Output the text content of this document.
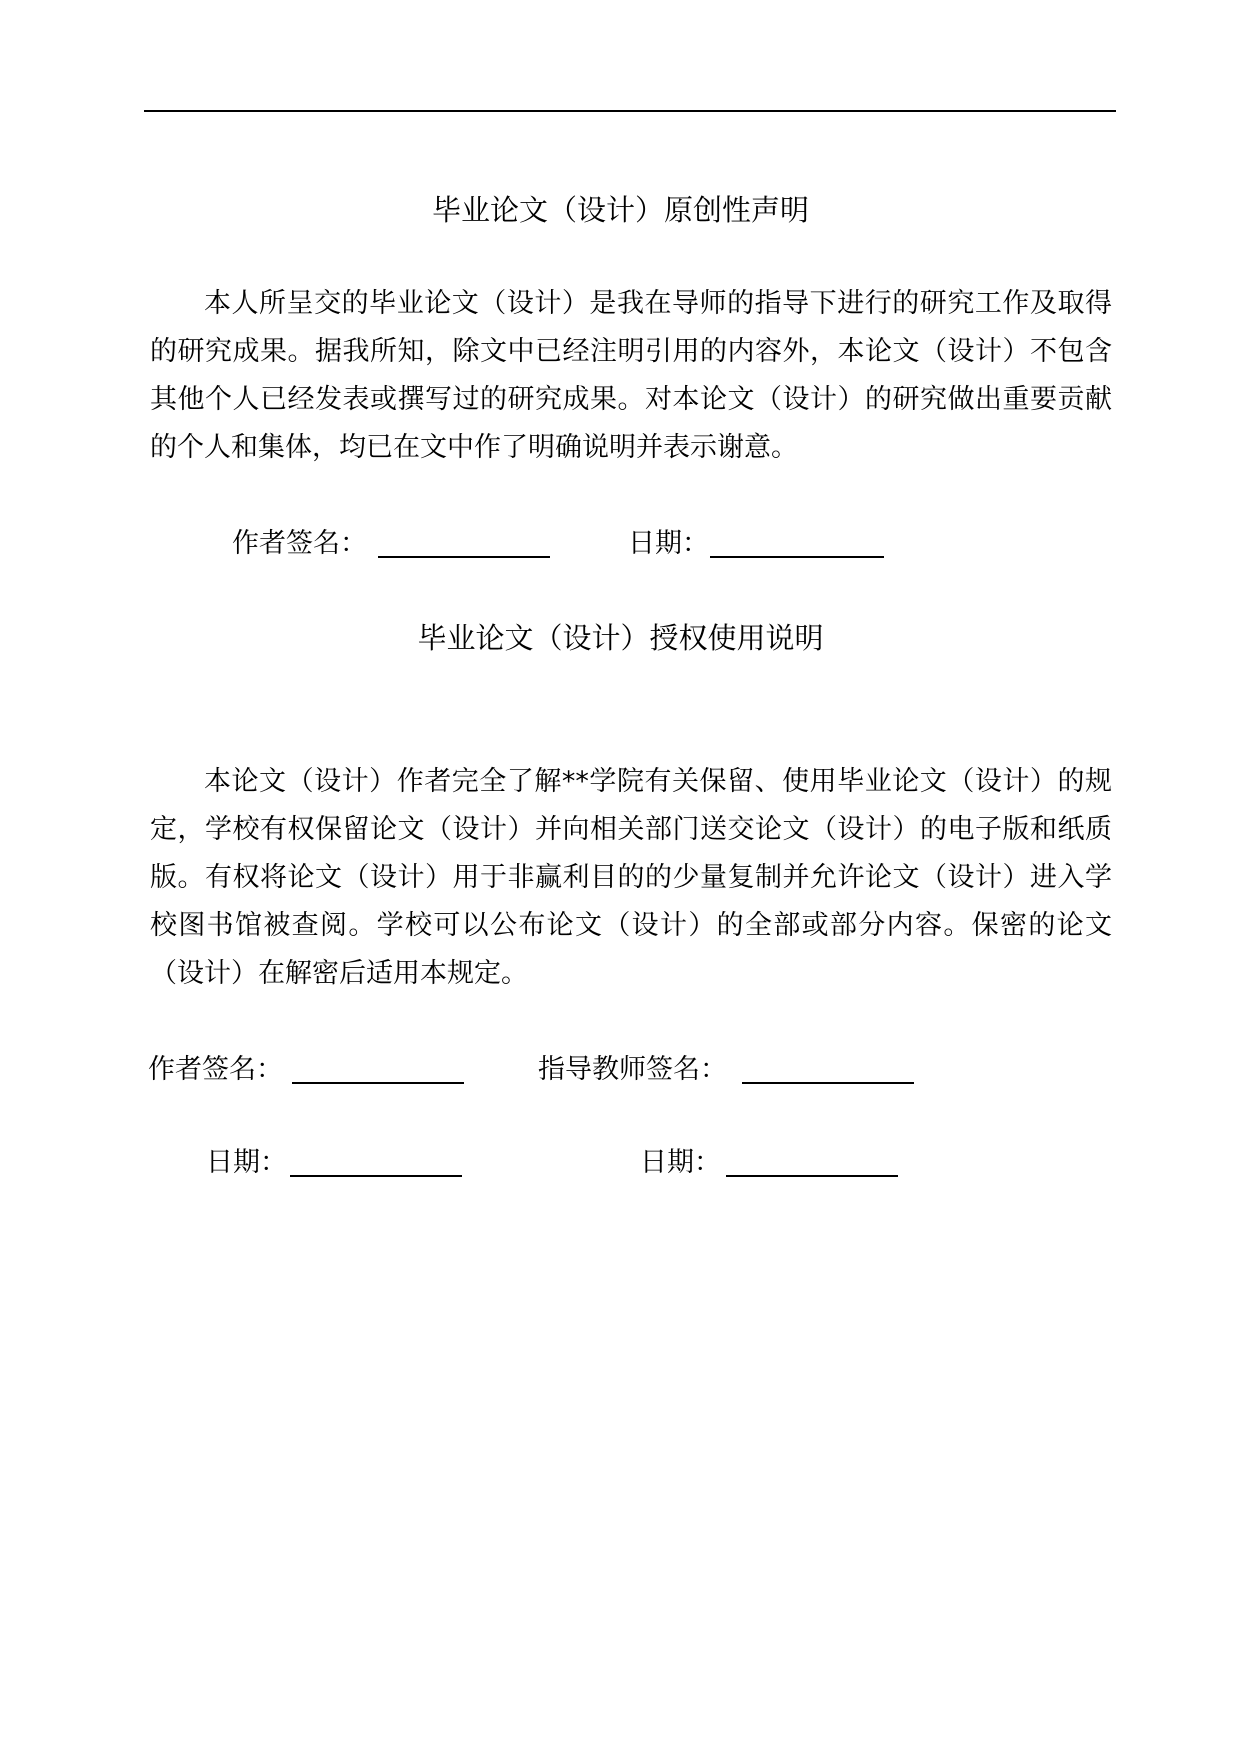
毕业论文（设计）原创性声明

本人所呈交的毕业论文（设计）是我在导师的指导下进行的研究工作及取得的研究成果。据我所知，除文中已经注明引用的内容外，本论文（设计）不包含其他个人已经发表或撰写过的研究成果。对本论文（设计）的研究做出重要贡献的个人和集体，均已在文中作了明确说明并表示谢意。

作者签名：	日期：
毕业论文（设计）授权使用说明

本论文（设计）作者完全了解**学院有关保留、使用毕业论文（设计）的规定，学校有权保留论文（设计）并向相关部门送交论文（设计）的电子版和纸质版。有权将论文（设计）用于非赢利目的的少量复制并允许论文（设计）进入学校图书馆被查阅。学校可以公布论文（设计）的全部或部分内容。保密的论文（设计）在解密后适用本规定。

作者签名：	指导教师签名：
日期：	日期：
